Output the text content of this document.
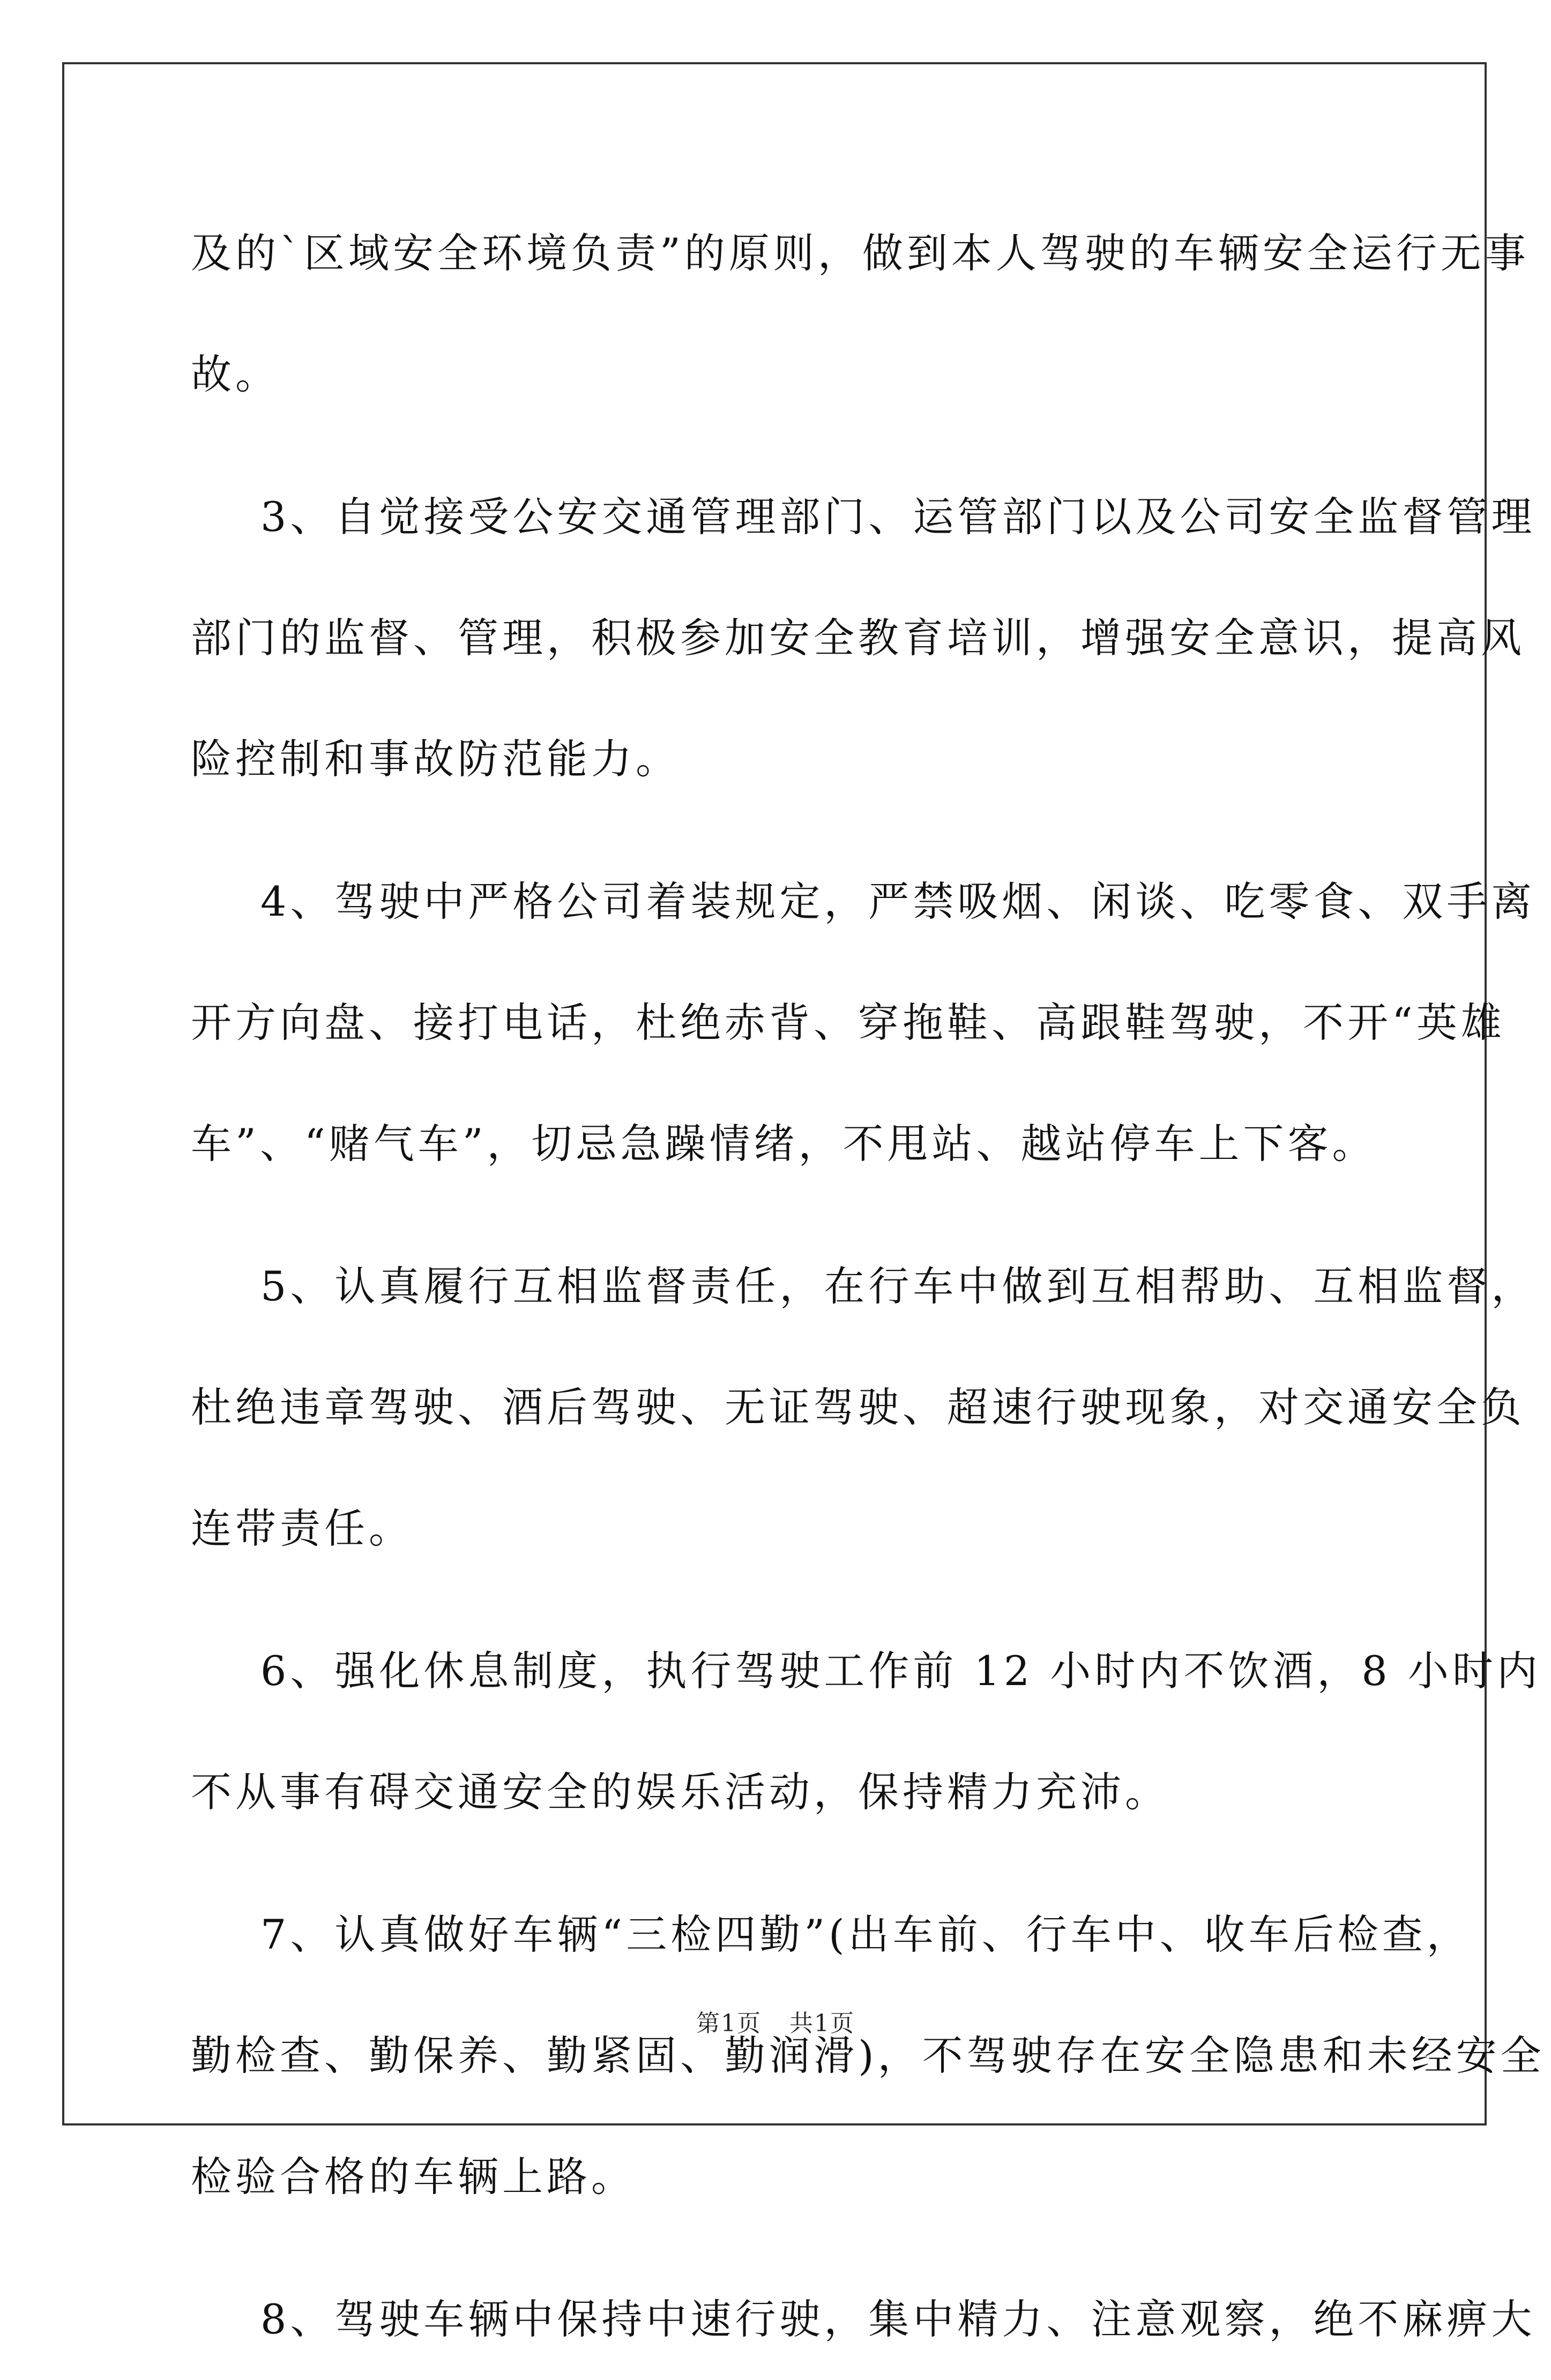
及的`区域安全环境负责”的原则，做到本人驾驶的车辆安全运行无事
故。
3、自觉接受公安交通管理部门、运管部门以及公司安全监督管理
部门的监督、管理，积极参加安全教育培训，增强安全意识，提高风
险控制和事故防范能力。
4、驾驶中严格公司着装规定，严禁吸烟、闲谈、吃零食、双手离
开方向盘、接打电话，杜绝赤背、穿拖鞋、高跟鞋驾驶，不开“英雄
车”、“赌气车”，切忌急躁情绪，不甩站、越站停车上下客。
5、认真履行互相监督责任，在行车中做到互相帮助、互相监督，
杜绝违章驾驶、酒后驾驶、无证驾驶、超速行驶现象，对交通安全负
连带责任。
6、强化休息制度，执行驾驶工作前 12 小时内不饮酒，8 小时内
不从事有碍交通安全的娱乐活动，保持精力充沛。
7、认真做好车辆“三检四勤”(出车前、行车中、收车后检查，
勤检查、勤保养、勤紧固、勤润滑)，不驾驶存在安全隐患和未经安全
检验合格的车辆上路。
8、驾驶车辆中保持中速行驶，集中精力、注意观察，绝不麻痹大
第1页 共1页
